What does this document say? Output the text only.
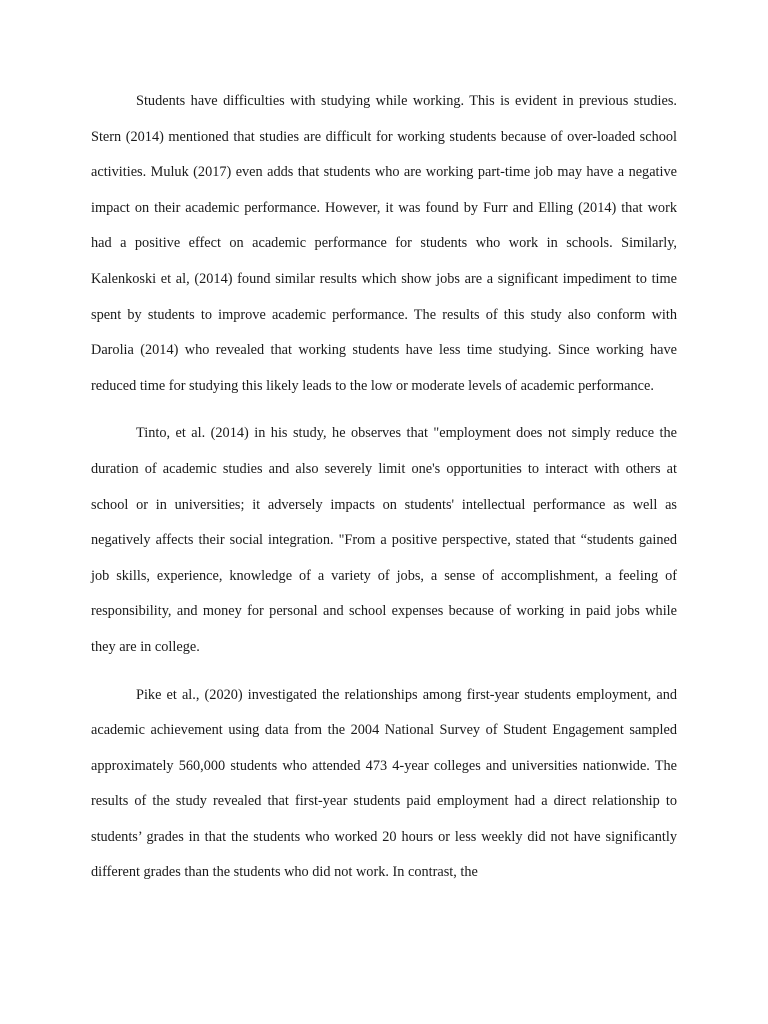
Students have difficulties with studying while working. This is evident in previous studies. Stern (2014) mentioned that studies are difficult for working students because of over-loaded school activities. Muluk (2017) even adds that students who are working part-time job may have a negative impact on their academic performance. However, it was found by Furr and Elling (2014) that work had a positive effect on academic performance for students who work in schools. Similarly, Kalenkoski et al, (2014) found similar results which show jobs are a significant impediment to time spent by students to improve academic performance. The results of this study also conform with Darolia (2014) who revealed that working students have less time studying. Since working have reduced time for studying this likely leads to the low or moderate levels of academic performance.

Tinto, et al. (2014) in his study, he observes that "employment does not simply reduce the duration of academic studies and also severely limit one's opportunities to interact with others at school or in universities; it adversely impacts on students' intellectual performance as well as negatively affects their social integration. "From a positive perspective, stated that “students gained job skills, experience, knowledge of a variety of jobs, a sense of accomplishment, a feeling of responsibility, and money for personal and school expenses because of working in paid jobs while they are in college.

Pike et al., (2020) investigated the relationships among first-year students employment, and academic achievement using data from the 2004 National Survey of Student Engagement sampled approximately 560,000 students who attended 473 4-year colleges and universities nationwide. The results of the study revealed that first-year students paid employment had a direct relationship to students’ grades in that the students who worked 20 hours or less weekly did not have significantly different grades than the students who did not work. In contrast, the
